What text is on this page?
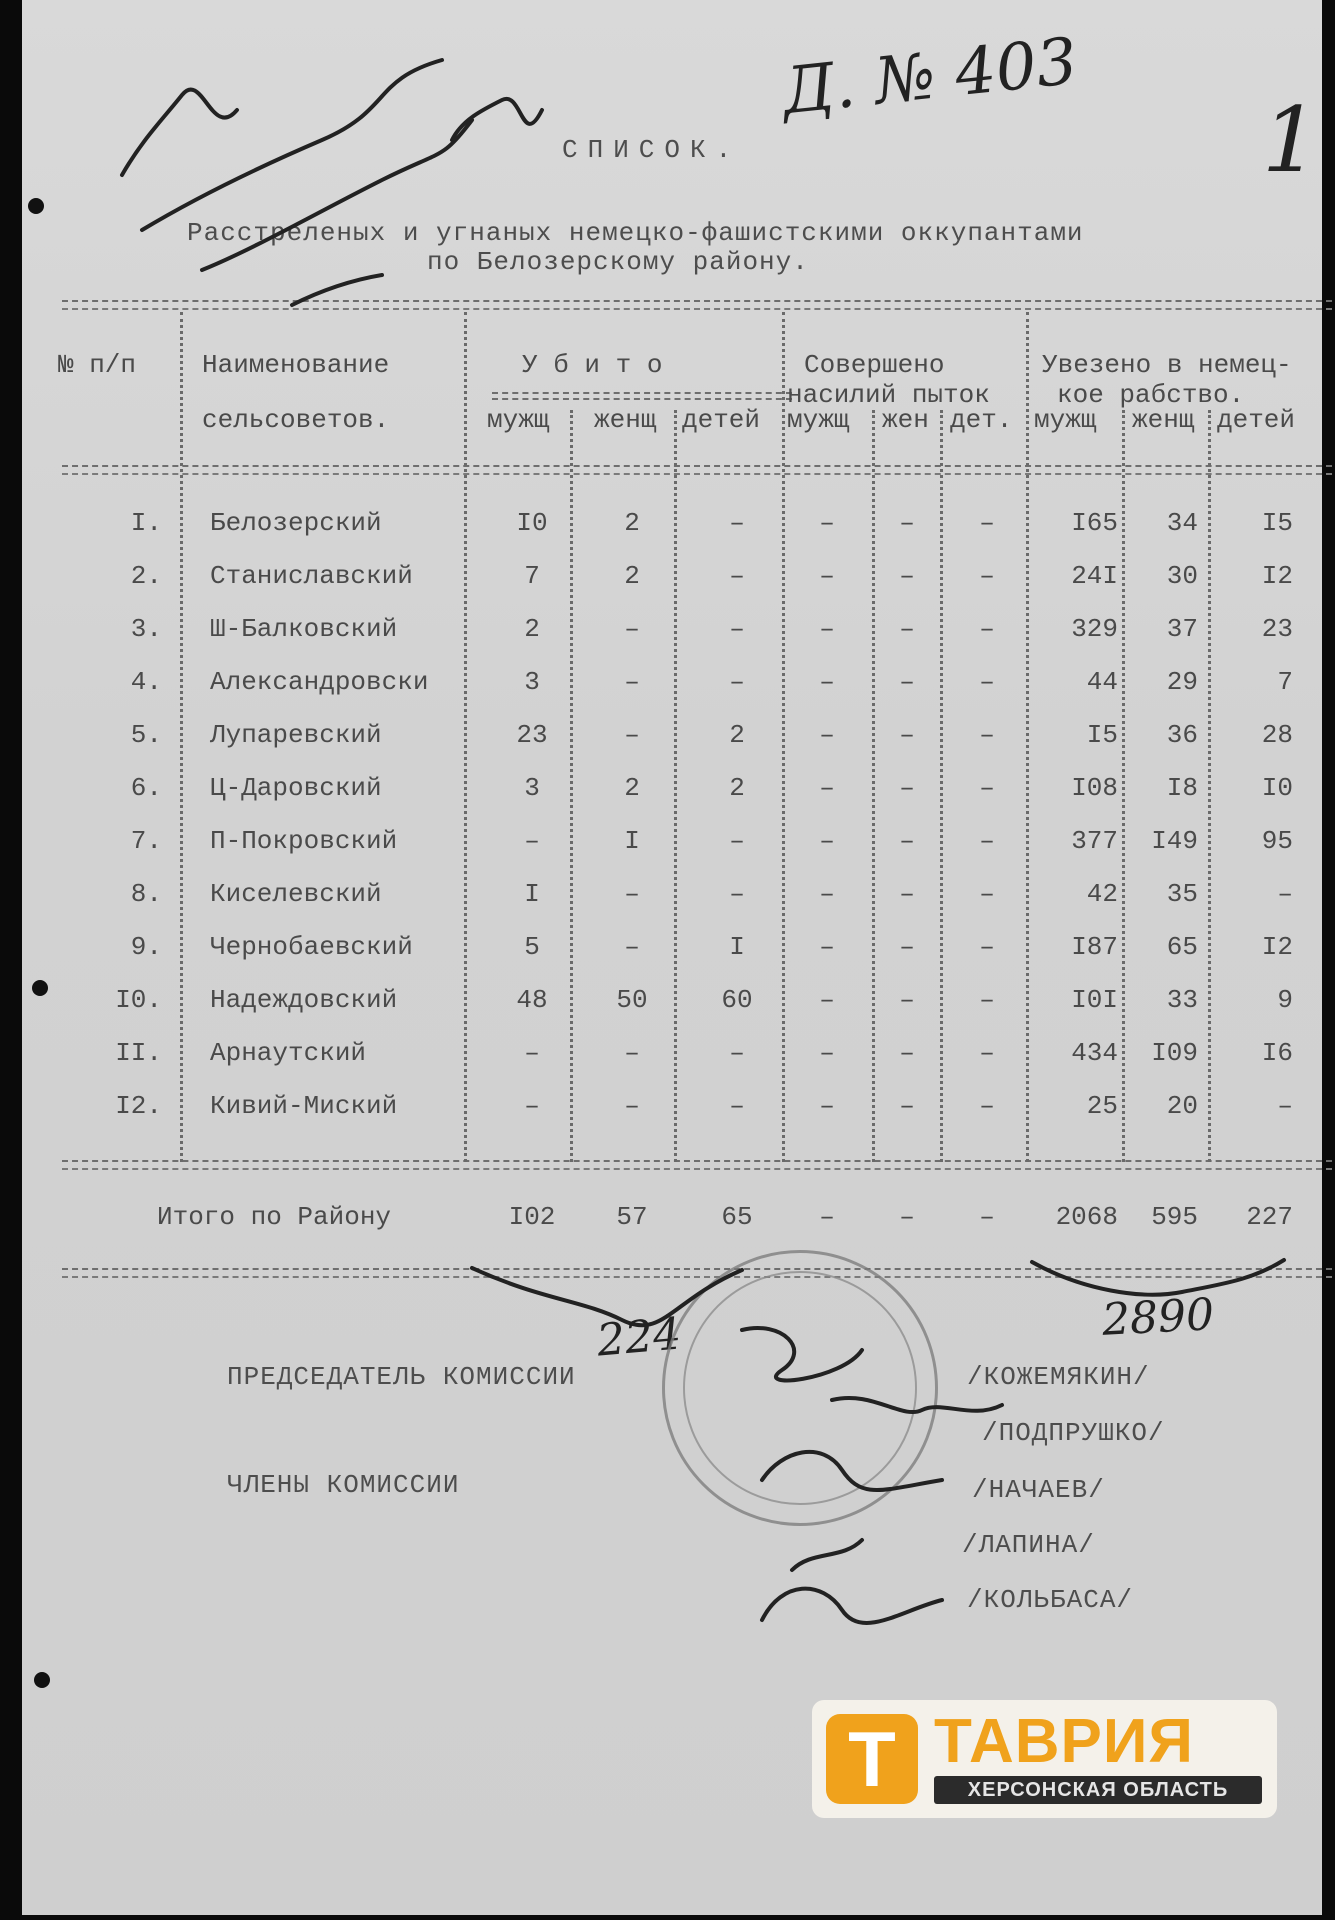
Д. № 403
1
СПИСОК.
Расстреленых и угнаных немецко-фашистскими оккупантами
по Белозерскому району.
№ п/п	Наименование
сельсоветов.
У б и т о	Совершено
насилий пыток
Увезено в немец-
кое рабство.
мужщ женщ детей мужщ жен дет. мужщ женщ детей
I. Белозерский	I0	2	–	–	–	–	I65	34	I5
2. Станиславский	7	2	–	–	–	–	24I	30	I2
3. Ш-Балковский	2	–	–	–	–	–	329	37	23
4. Александровски	3	–	–	–	–	–	44	29	7
5. Лупаревский	23	–	2	–	–	–	I5	36	28
6. Ц-Даровский	3	2	2	–	–	–	I08	I8	I0
7. П-Покровский	–	I	–	–	–	–	377	I49	95
8. Киселевский	I	–	–	–	–	–	42	35	–
9. Чернобаевский	5	–	I	–	–	–	I87	65	I2
I0. Надеждовский	48	50	60	–	–	–	I0I	33	9
II. Арнаутский	–	–	–	–	–	–	434	I09	I6
I2. Кивий-Миский	–	–	–	–	–	–	25	20	–
Итого по Району	I02	57	65	–	–	–	2068	595	227
224	2890
ПРЕДСЕДАТЕЛЬ КОМИССИИ	/КОЖЕМЯКИН/
ЧЛЕНЫ КОМИССИИ
/ПОДПРУШКО/
/НАЧАЕВ/
/ЛАПИНА/
/КОЛЬБАСА/
Т ТАВРИЯ
ХЕРСОНСКАЯ ОБЛАСТЬ
